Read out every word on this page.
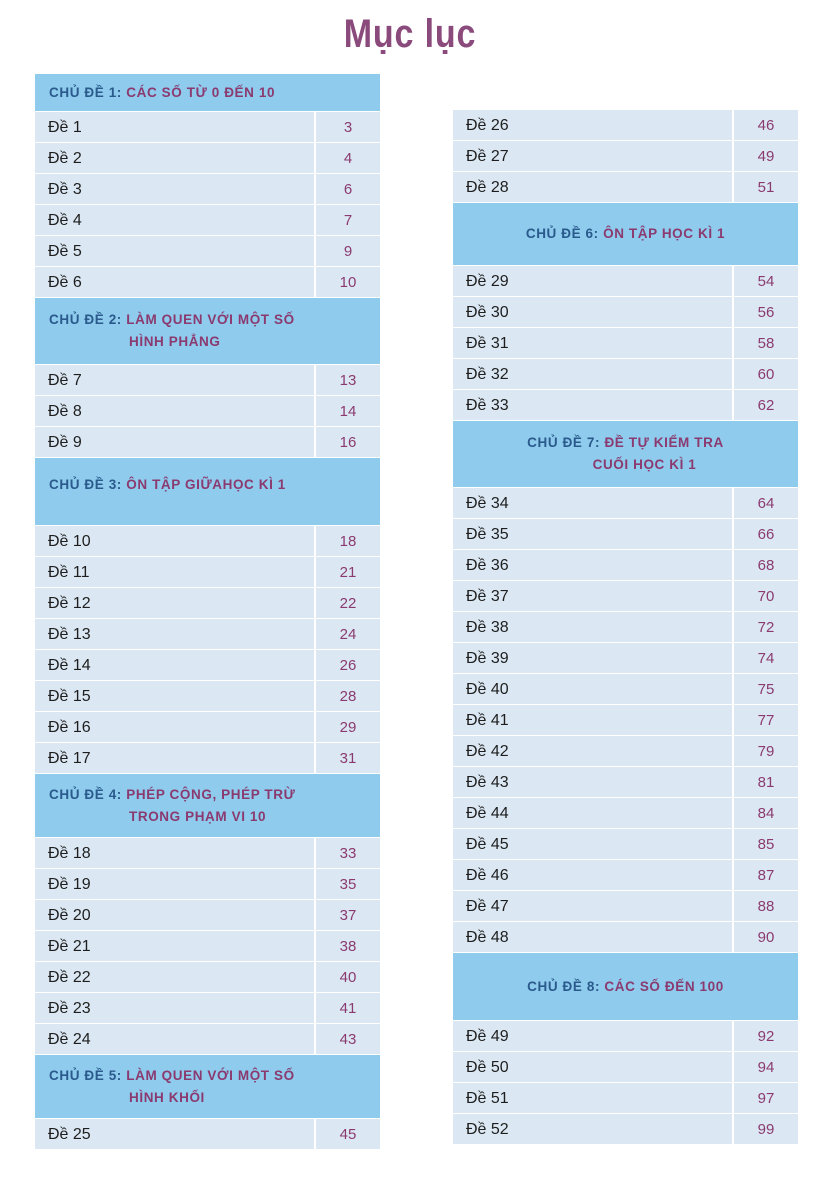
Mục lục
CHỦ ĐỀ 1: CÁC SỐ TỪ 0 ĐẾN 10
Đề 1	3
Đề 2	4
Đề 3	6
Đề 4	7
Đề 5	9
Đề 6	10
CHỦ ĐỀ 2: LÀM QUEN VỚI MỘT SỐ
HÌNH PHẲNG
Đề 7	13
Đề 8	14
Đề 9	16
CHỦ ĐỀ 3: ÔN TẬP GIỮAHỌC KÌ 1
Đề 10	18
Đề 11	21
Đề 12	22
Đề 13	24
Đề 14	26
Đề 15	28
Đề 16	29
Đề 17	31
CHỦ ĐỀ 4: PHÉP CỘNG, PHÉP TRỪ
TRONG PHẠM VI 10
Đề 18	33
Đề 19	35
Đề 20	37
Đề 21	38
Đề 22	40
Đề 23	41
Đề 24	43
CHỦ ĐỀ 5: LÀM QUEN VỚI MỘT SỐ
HÌNH KHỐI
Đề 25	45
Đề 26	46
Đề 27	49
Đề 28	51
CHỦ ĐỀ 6: ÔN TẬP HỌC KÌ 1
Đề 29	54
Đề 30	56
Đề 31	58
Đề 32	60
Đề 33	62
CHỦ ĐỀ 7: ĐỀ TỰ KIỂM TRA
CUỐI HỌC KÌ 1
Đề 34	64
Đề 35	66
Đề 36	68
Đề 37	70
Đề 38	72
Đề 39	74
Đề 40	75
Đề 41	77
Đề 42	79
Đề 43	81
Đề 44	84
Đề 45	85
Đề 46	87
Đề 47	88
Đề 48	90
CHỦ ĐỀ 8: CÁC SỐ ĐẾN 100
Đề 49	92
Đề 50	94
Đề 51	97
Đề 52	99
